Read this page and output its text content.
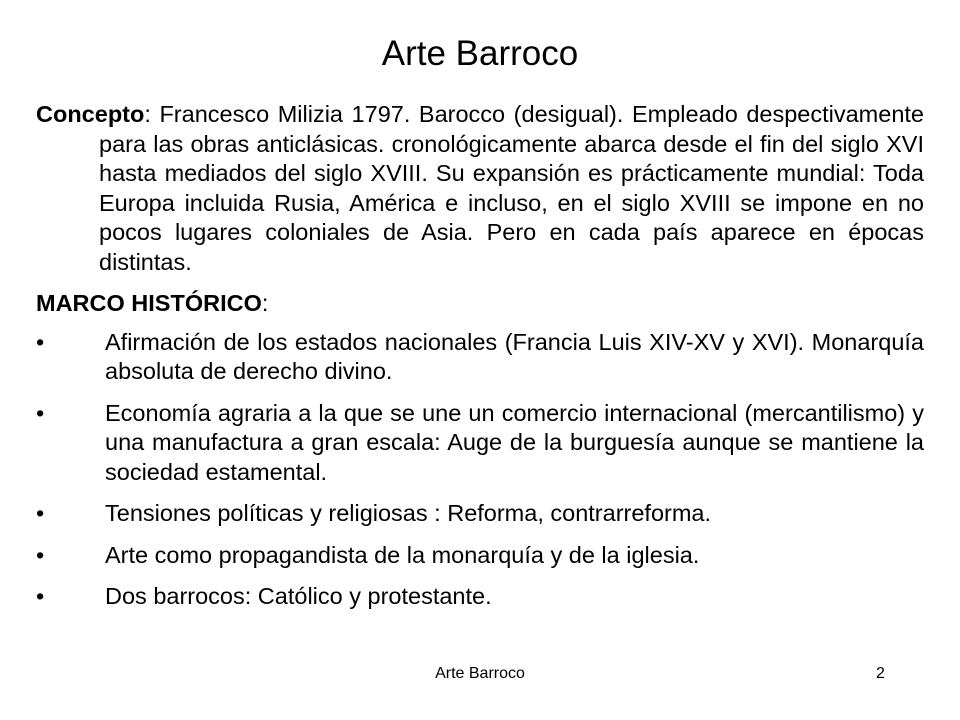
Arte Barroco

Concepto: Francesco Milizia 1797. Barocco (desigual). Empleado despectivamente para las obras anticlásicas. cronológicamente abarca desde el fin del siglo XVI hasta mediados del siglo XVIII. Su expansión es prácticamente mundial: Toda Europa incluida Rusia, América e incluso, en el siglo XVIII se impone en no pocos lugares coloniales de Asia. Pero en cada país aparece en épocas distintas.

MARCO HISTÓRICO:

•	Afirmación de los estados nacionales (Francia Luis XIV-XV y XVI). Monarquía absoluta de derecho divino.
•	Economía agraria a la que se une un comercio internacional (mercantilismo) y una manufactura a gran escala: Auge de la burguesía aunque se mantiene la sociedad estamental.
•	Tensiones políticas y religiosas : Reforma, contrarreforma.
•	Arte como propagandista de la monarquía y de la iglesia.
•	Dos barrocos: Católico y protestante.
Arte Barroco	2
